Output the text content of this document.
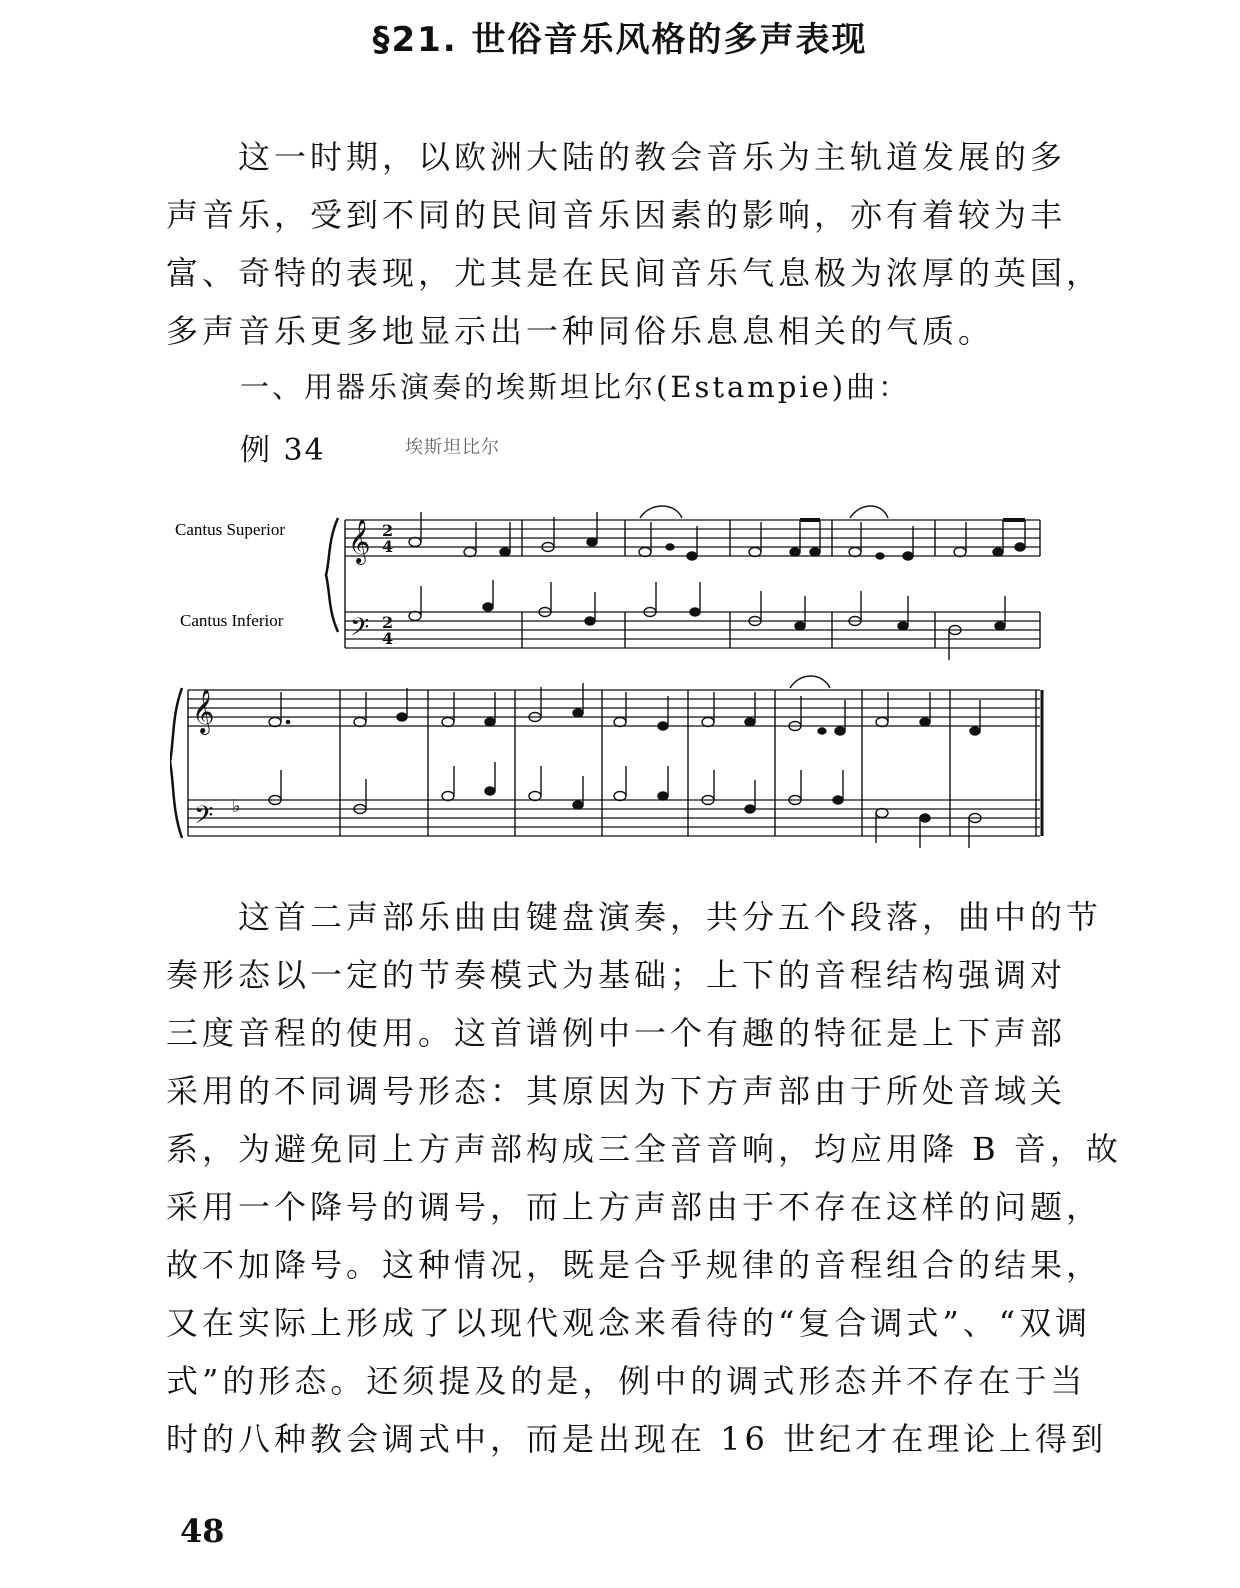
§21. 世俗音乐风格的多声表现
这一时期，以欧洲大陆的教会音乐为主轨道发展的多
声音乐，受到不同的民间音乐因素的影响，亦有着较为丰
富、奇特的表现，尤其是在民间音乐气息极为浓厚的英国，
多声音乐更多地显示出一种同俗乐息息相关的气质。
一、用器乐演奏的埃斯坦比尔(Estampie)曲：
例 34	埃斯坦比尔
Cantus Superior
Cantus Inferior
𝄞
𝄢
2
4
2
4
𝄞
𝄢 ♭
这首二声部乐曲由键盘演奏，共分五个段落，曲中的节
奏形态以一定的节奏模式为基础；上下的音程结构强调对
三度音程的使用。这首谱例中一个有趣的特征是上下声部
采用的不同调号形态：其原因为下方声部由于所处音域关
系，为避免同上方声部构成三全音音响，均应用降 B 音，故
采用一个降号的调号，而上方声部由于不存在这样的问题，
故不加降号。这种情况，既是合乎规律的音程组合的结果，
又在实际上形成了以现代观念来看待的“复合调式”、“双调
式”的形态。还须提及的是，例中的调式形态并不存在于当
时的八种教会调式中，而是出现在 16 世纪才在理论上得到
48
